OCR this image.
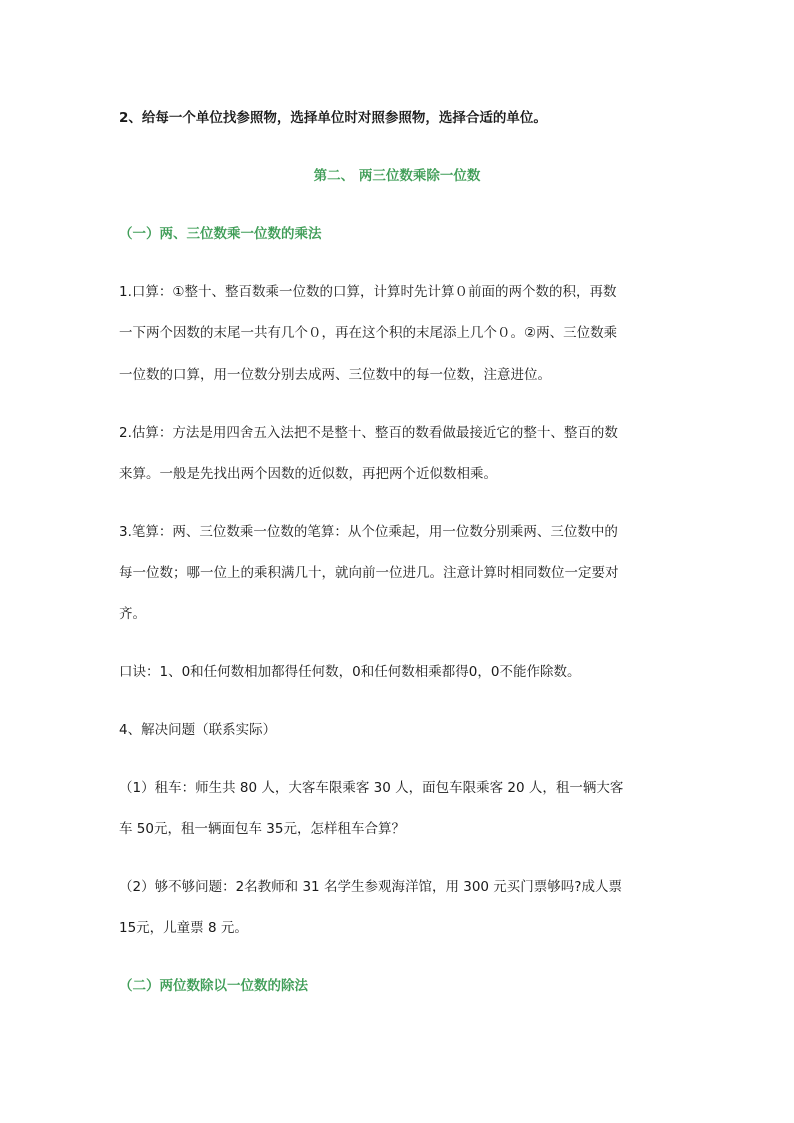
2、给每一个单位找参照物，选择单位时对照参照物，选择合适的单位。
第二、 两三位数乘除一位数
（一）两、三位数乘一位数的乘法
1.口算：①整十、整百数乘一位数的口算，计算时先计算０前面的两个数的积，再数
一下两个因数的末尾一共有几个０，再在这个积的末尾添上几个０。②两、三位数乘
一位数的口算，用一位数分别去成两、三位数中的每一位数，注意进位。
2.估算：方法是用四舍五入法把不是整十、整百的数看做最接近它的整十、整百的数
来算。一般是先找出两个因数的近似数，再把两个近似数相乘。
3.笔算：两、三位数乘一位数的笔算：从个位乘起，用一位数分别乘两、三位数中的
每一位数；哪一位上的乘积满几十，就向前一位进几。注意计算时相同数位一定要对
齐。
口诀：1、0和任何数相加都得任何数，0和任何数相乘都得0，0不能作除数。
4、解决问题（联系实际）
（1）租车：师生共 80 人，大客车限乘客 30 人，面包车限乘客 20 人，租一辆大客
车 50元，租一辆面包车 35元，怎样租车合算？
（2）够不够问题：2名教师和 31 名学生参观海洋馆，用 300 元买门票够吗?成人票
15元，儿童票 8 元。
（二）两位数除以一位数的除法
